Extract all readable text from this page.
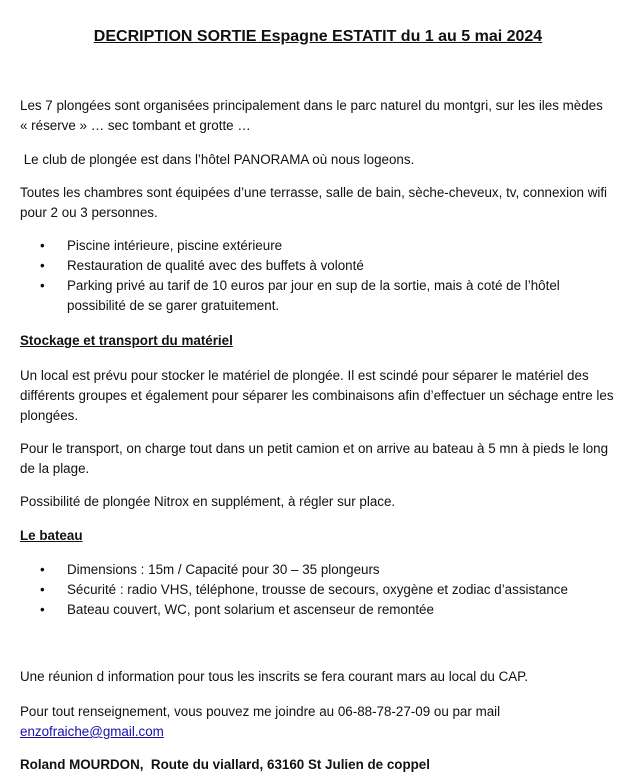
DECRIPTION SORTIE Espagne ESTATIT du 1 au 5 mai 2024

Les 7 plongées sont organisées principalement dans le parc naturel du montgri, sur les iles mèdes

« réserve » … sec tombant et grotte …

Le club de plongée est dans l’hôtel PANORAMA où nous logeons.

Toutes les chambres sont équipées d’une terrasse, salle de bain, sèche-cheveux, tv, connexion wifi

pour 2 ou 3 personnes.

• Piscine intérieure, piscine extérieure
• Restauration de qualité avec des buffets à volonté
• Parking privé au tarif de 10 euros par jour en sup de la sortie, mais à coté de l’hôtel
possibilité de se garer gratuitement.

Stockage et transport du matériel

Un local est prévu pour stocker le matériel de plongée. Il est scindé pour séparer le matériel des

différents groupes et également pour séparer les combinaisons afin d’effectuer un séchage entre les

plongées.

Pour le transport, on charge tout dans un petit camion et on arrive au bateau à 5 mn à pieds le long

de la plage.

Possibilité de plongée Nitrox en supplément, à régler sur place.

Le bateau

• Dimensions : 15m / Capacité pour 30 – 35 plongeurs
• Sécurité : radio VHS, téléphone, trousse de secours, oxygène et zodiac d’assistance
• Bateau couvert, WC, pont solarium et ascenseur de remontée

Une réunion d information pour tous les inscrits se fera courant mars au local du CAP.

Pour tout renseignement, vous pouvez me joindre au 06-88-78-27-09 ou par mail

enzofraiche@gmail.com

Roland MOURDON,  Route du viallard, 63160 St Julien de coppel
